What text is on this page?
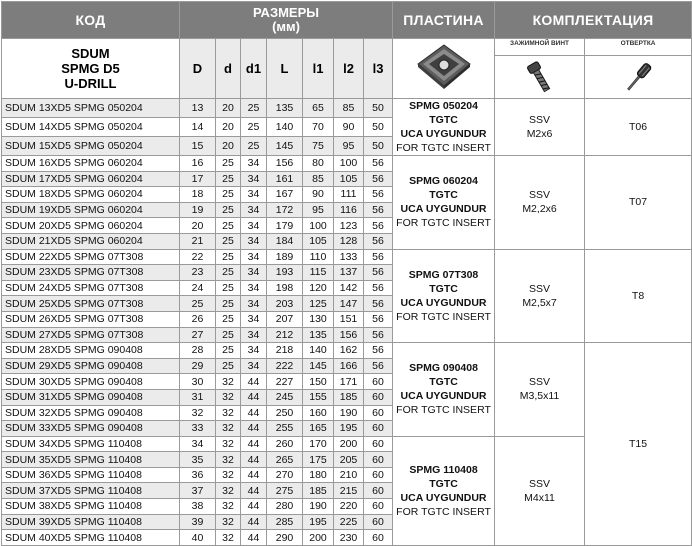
КОД	РАЗМЕРЫ
(мм)							ПЛАСТИНА	КОМПЛЕКТАЦИЯ	

SDUM
SPMG D5
U-DRILL	D	d	d1	L	l1	l2	l3		ЗАЖИМНОЙ ВИНТ	ОТВЕРТКА

SDUM 13XD5 SPMG 050204	13	20	25	135	65	85	50	SPMG 050204
TGTC
UCA UYGUNDUR
FOR TGTC INSERT	SSV
M2x6	T06
SDUM 14XD5 SPMG 050204	14	20	25	140	70	90	50			
SDUM 15XD5 SPMG 050204	15	20	25	145	75	95	50			
SDUM 16XD5 SPMG 060204	16	25	34	156	80	100	56	SPMG 060204
TGTC
UCA UYGUNDUR
FOR TGTC INSERT	SSV
M2,2x6	T07
SDUM 17XD5 SPMG 060204	17	25	34	161	85	105	56			
SDUM 18XD5 SPMG 060204	18	25	34	167	90	111	56			
SDUM 19XD5 SPMG 060204	19	25	34	172	95	116	56			
SDUM 20XD5 SPMG 060204	20	25	34	179	100	123	56			
SDUM 21XD5 SPMG 060204	21	25	34	184	105	128	56			
SDUM 22XD5 SPMG 07T308	22	25	34	189	110	133	56	SPMG 07T308
TGTC
UCA UYGUNDUR
FOR TGTC INSERT	SSV
M2,5x7	T8
SDUM 23XD5 SPMG 07T308	23	25	34	193	115	137	56			
SDUM 24XD5 SPMG 07T308	24	25	34	198	120	142	56			
SDUM 25XD5 SPMG 07T308	25	25	34	203	125	147	56			
SDUM 26XD5 SPMG 07T308	26	25	34	207	130	151	56			
SDUM 27XD5 SPMG 07T308	27	25	34	212	135	156	56			
SDUM 28XD5 SPMG 090408	28	25	34	218	140	162	56	SPMG 090408
TGTC
UCA UYGUNDUR
FOR TGTC INSERT	SSV
M3,5x11	T15
SDUM 29XD5 SPMG 090408	29	25	34	222	145	166	56			
SDUM 30XD5 SPMG 090408	30	32	44	227	150	171	60			
SDUM 31XD5 SPMG 090408	31	32	44	245	155	185	60			
SDUM 32XD5 SPMG 090408	32	32	44	250	160	190	60			
SDUM 33XD5 SPMG 090408	33	32	44	255	165	195	60			
SDUM 34XD5 SPMG 110408	34	32	44	260	170	200	60	SPMG 110408
TGTC
UCA UYGUNDUR
FOR TGTC INSERT	SSV
M4x11	

SDUM 35XD5 SPMG 110408	35	32	44	265	175	205	60			
SDUM 36XD5 SPMG 110408	36	32	44	270	180	210	60			
SDUM 37XD5 SPMG 110408	37	32	44	275	185	215	60			
SDUM 38XD5 SPMG 110408	38	32	44	280	190	220	60			
SDUM 39XD5 SPMG 110408	39	32	44	285	195	225	60			
SDUM 40XD5 SPMG 110408	40	32	44	290	200	230	60			
